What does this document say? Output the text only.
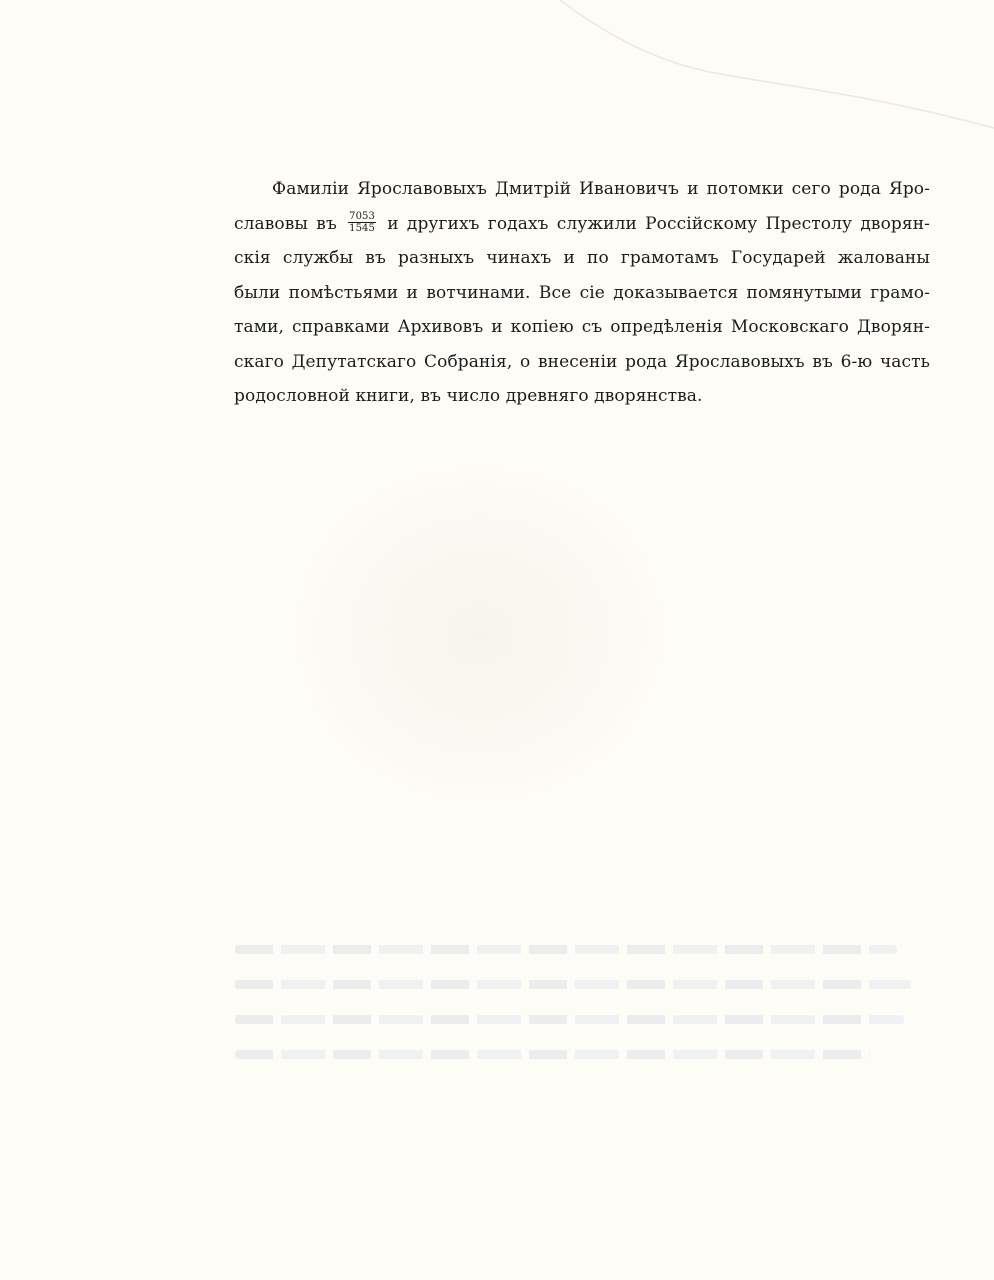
Фамиліи Ярославовыхъ Дмитрій Ивановичъ и потомки сего рода Яро-
славовы въ $\frac{7053}{1545}$ и другихъ годахъ служили Россійскому Престолу дворян-
скія службы въ разныхъ чинахъ и по грамотамъ Государей жалованы
были помѣстьями и вотчинами. Все сіе доказывается помянутыми грамо-
тами, справками Архивовъ и копіею съ опредѣленія Московскаго Дворян-
скаго Депутатскаго Собранія, о внесеніи рода Ярославовыхъ въ 6-ю часть
родословной книги, въ число древняго дворянства.
